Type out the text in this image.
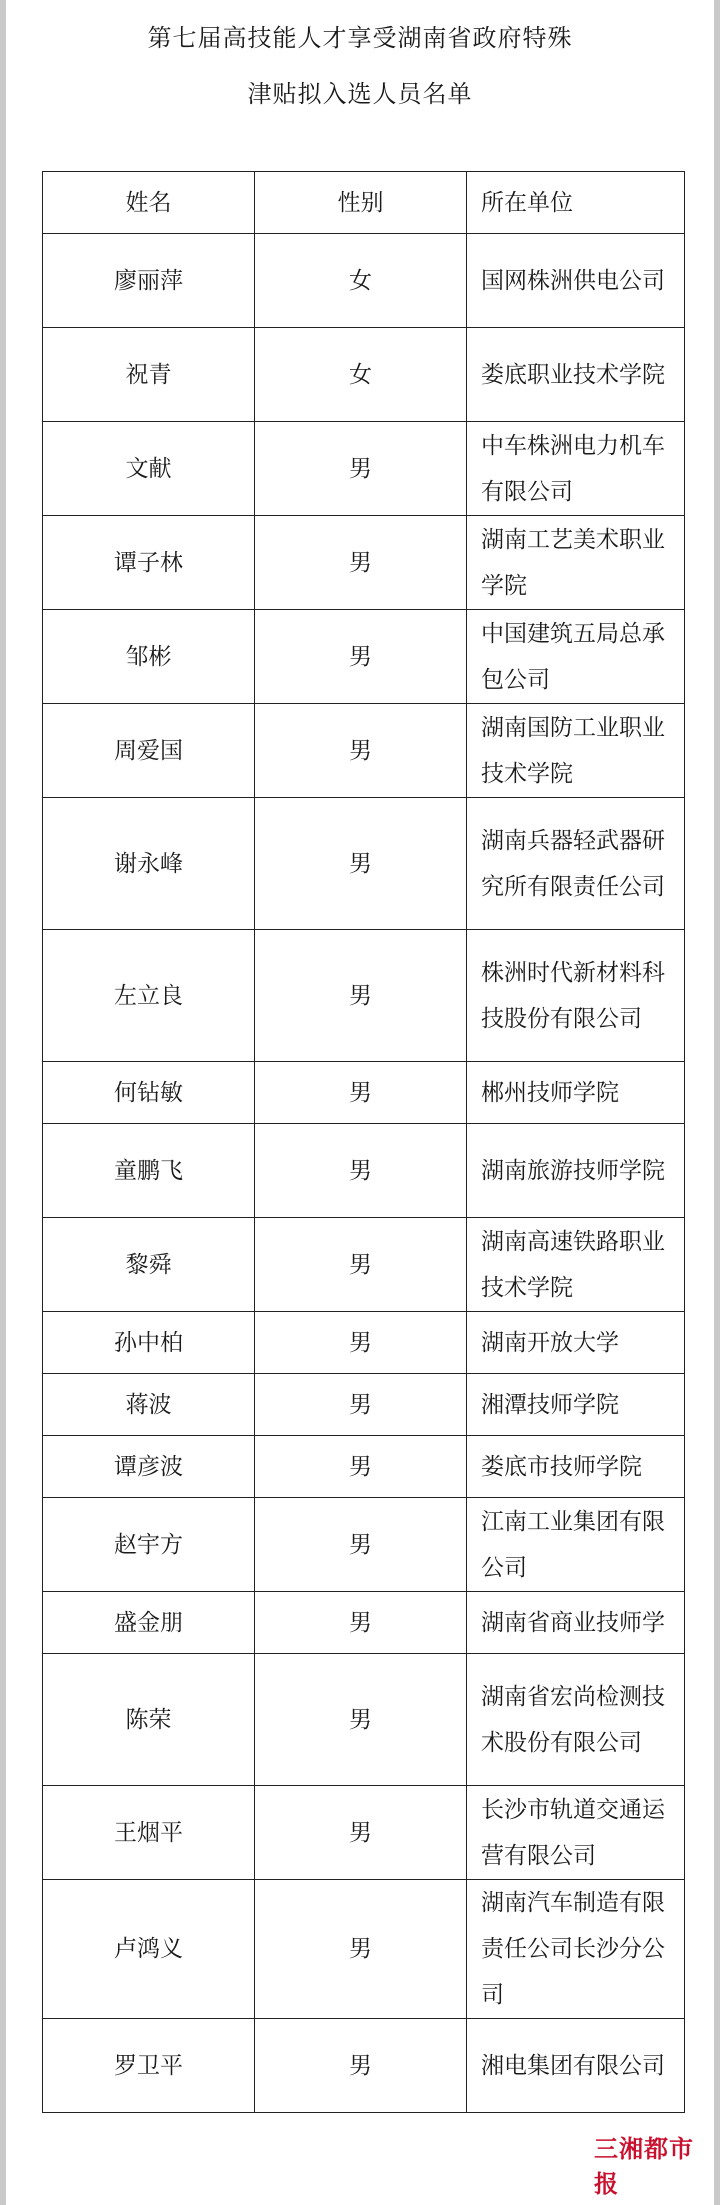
第七届高技能人才享受湖南省政府特殊
津贴拟入选人员名单
姓名	性别	所在单位
廖丽萍	女	国网株洲供电公司
祝青	女	娄底职业技术学院
文献	男	中车株洲电力机车有限公司
谭子林	男	湖南工艺美术职业学院
邹彬	男	中国建筑五局总承包公司
周爱国	男	湖南国防工业职业技术学院
谢永峰	男	湖南兵器轻武器研究所有限责任公司
左立良	男	株洲时代新材料科技股份有限公司
何钻敏	男	郴州技师学院
童鹏飞	男	湖南旅游技师学院
黎舜	男	湖南高速铁路职业技术学院
孙中柏	男	湖南开放大学
蒋波	男	湘潭技师学院
谭彦波	男	娄底市技师学院
赵宇方	男	江南工业集团有限公司
盛金朋	男	湖南省商业技师学
陈荣	男	湖南省宏尚检测技术股份有限公司
王烟平	男	长沙市轨道交通运营有限公司
卢鸿义	男	湖南汽车制造有限责任公司长沙分公司
罗卫平	男	湘电集团有限公司
三湘都市报
